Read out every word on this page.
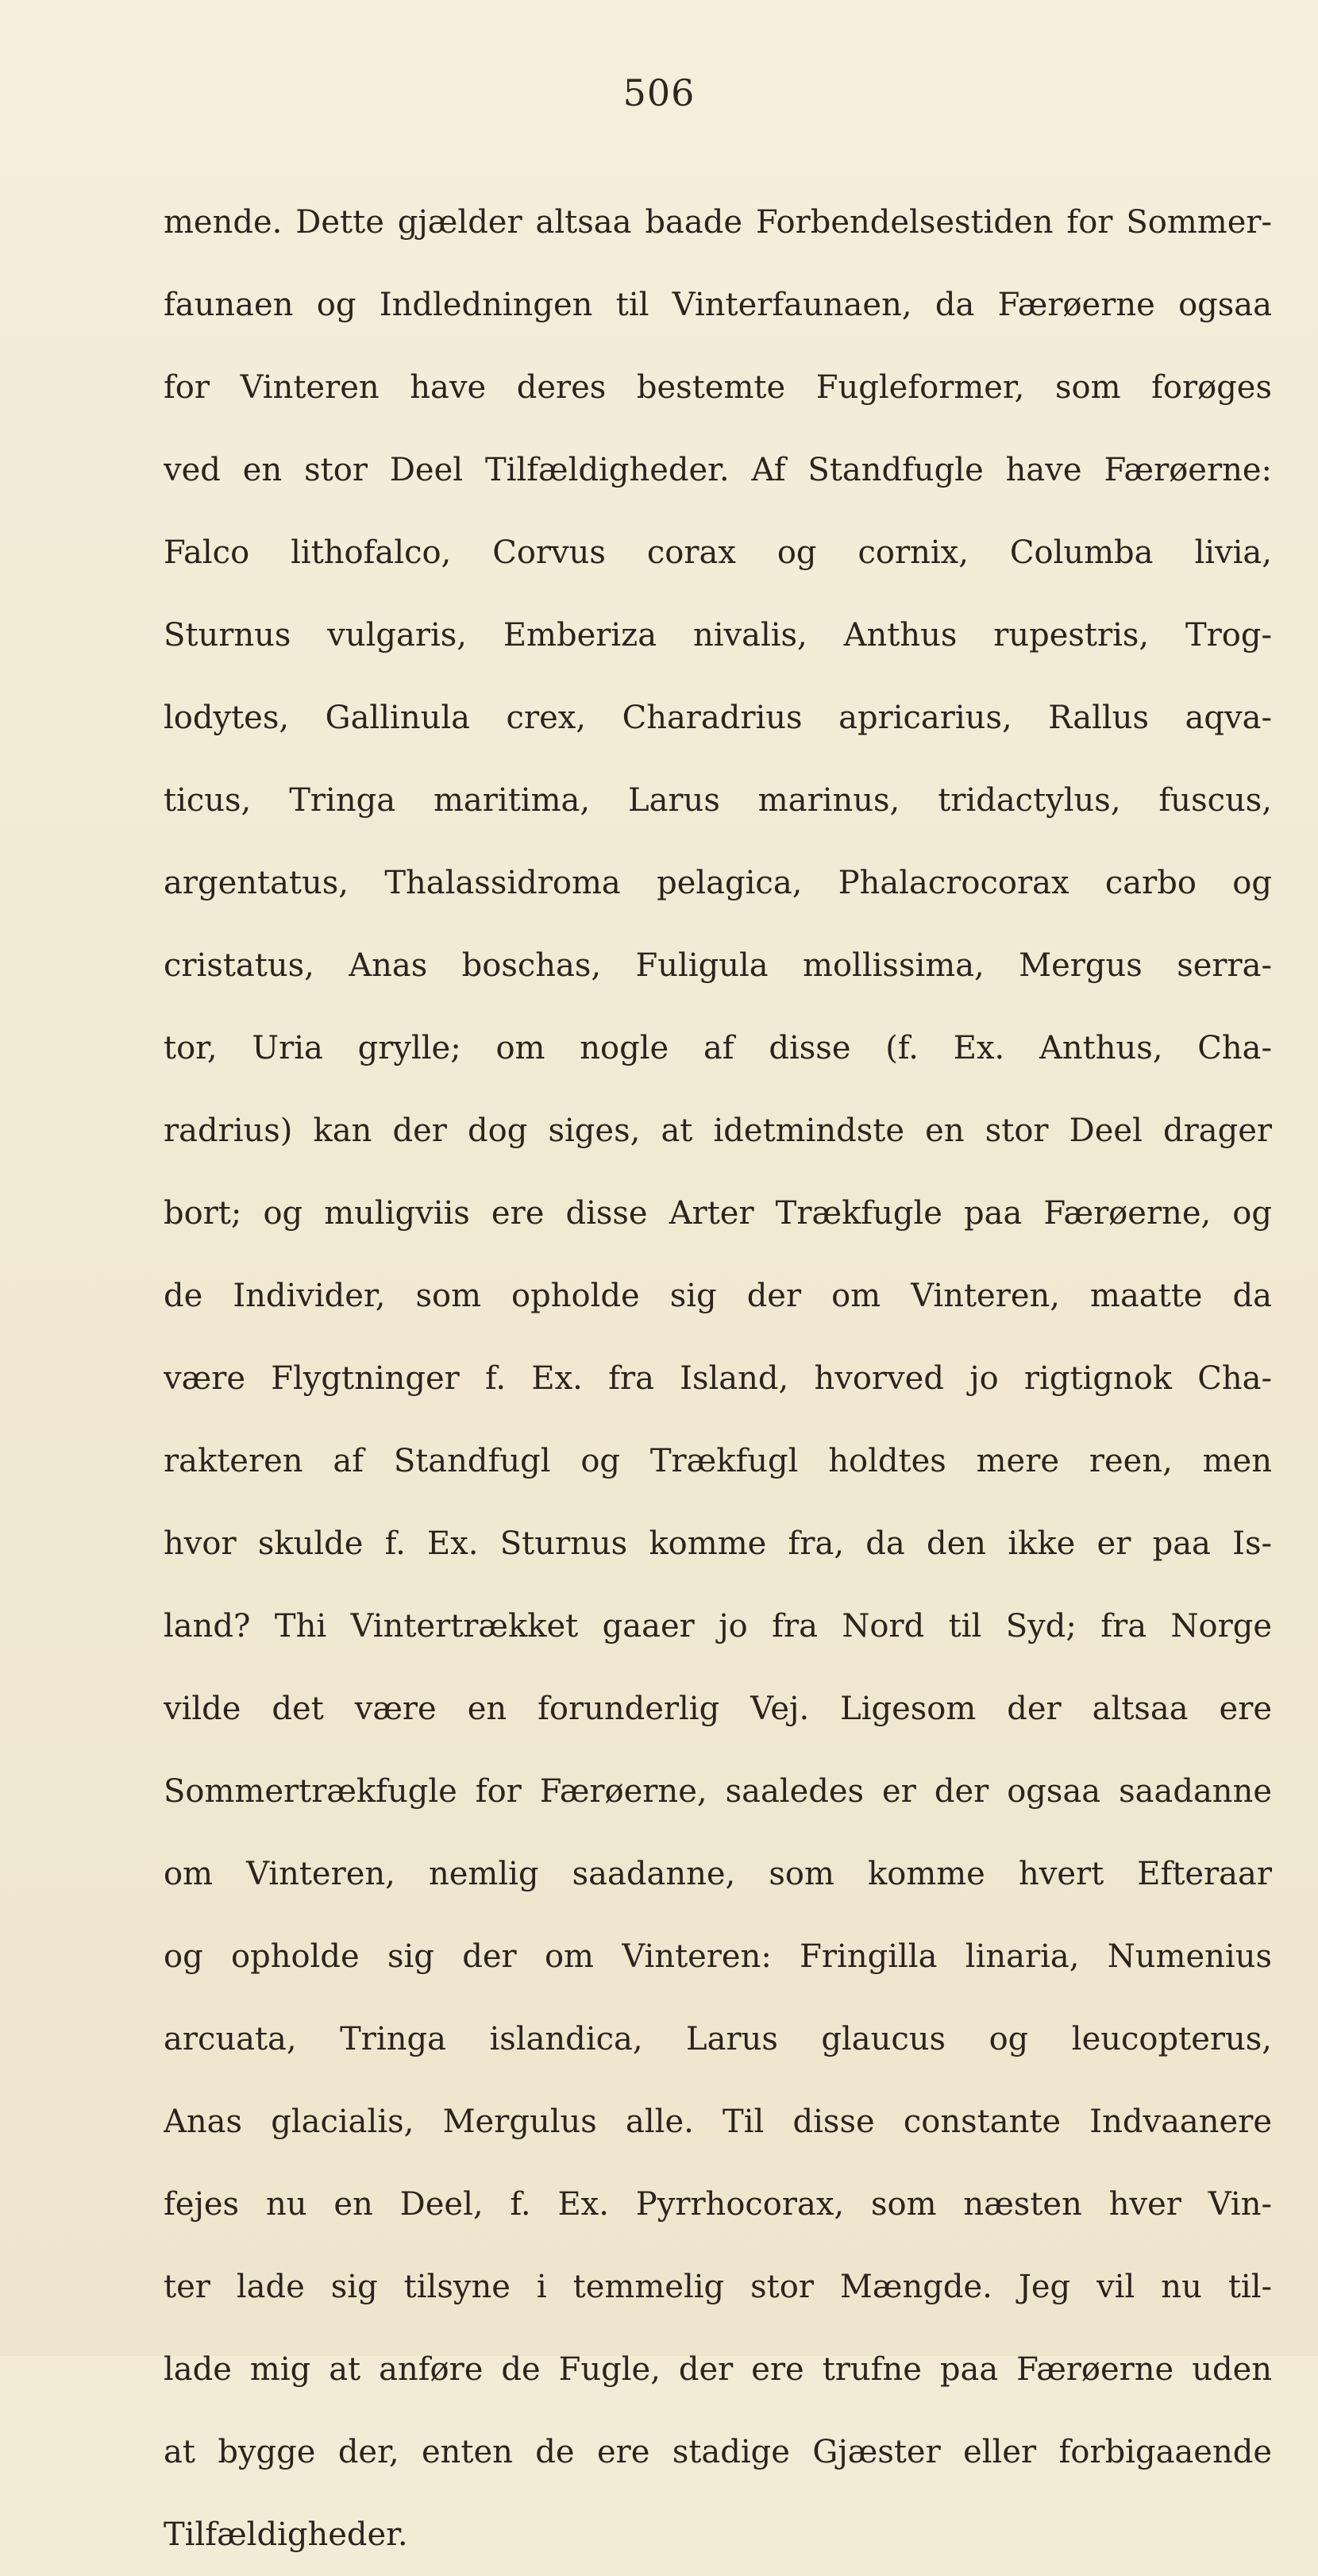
506
mende. Dette gjælder altsaa baade Forbendelsestiden for Sommer-
faunaen og Indledningen til Vinterfaunaen, da Færøerne ogsaa
for Vinteren have deres bestemte Fugleformer, som forøges
ved en stor Deel Tilfældigheder. Af Standfugle have Færøerne:
Falco lithofalco, Corvus corax og cornix, Columba livia,
Sturnus vulgaris, Emberiza nivalis, Anthus rupestris, Trog-
lodytes, Gallinula crex, Charadrius apricarius, Rallus aqva-
ticus, Tringa maritima, Larus marinus, tridactylus, fuscus,
argentatus, Thalassidroma pelagica, Phalacrocorax carbo og
cristatus, Anas boschas, Fuligula mollissima, Mergus serra-
tor, Uria grylle; om nogle af disse (f. Ex. Anthus, Cha-
radrius) kan der dog siges, at idetmindste en stor Deel drager
bort; og muligviis ere disse Arter Trækfugle paa Færøerne, og
de Individer, som opholde sig der om Vinteren, maatte da
være Flygtninger f. Ex. fra Island, hvorved jo rigtignok Cha-
rakteren af Standfugl og Trækfugl holdtes mere reen, men
hvor skulde f. Ex. Sturnus komme fra, da den ikke er paa Is-
land? Thi Vintertrækket gaaer jo fra Nord til Syd; fra Norge
vilde det være en forunderlig Vej. Ligesom der altsaa ere
Sommertrækfugle for Færøerne, saaledes er der ogsaa saadanne
om Vinteren, nemlig saadanne, som komme hvert Efteraar
og opholde sig der om Vinteren: Fringilla linaria, Numenius
arcuata, Tringa islandica, Larus glaucus og leucopterus,
Anas glacialis, Mergulus alle. Til disse constante Indvaanere
fejes nu en Deel, f. Ex. Pyrrhocorax, som næsten hver Vin-
ter lade sig tilsyne i temmelig stor Mængde. Jeg vil nu til-
lade mig at anføre de Fugle, der ere trufne paa Færøerne uden
at bygge der, enten de ere stadige Gjæster eller forbigaaende
Tilfældigheder.
